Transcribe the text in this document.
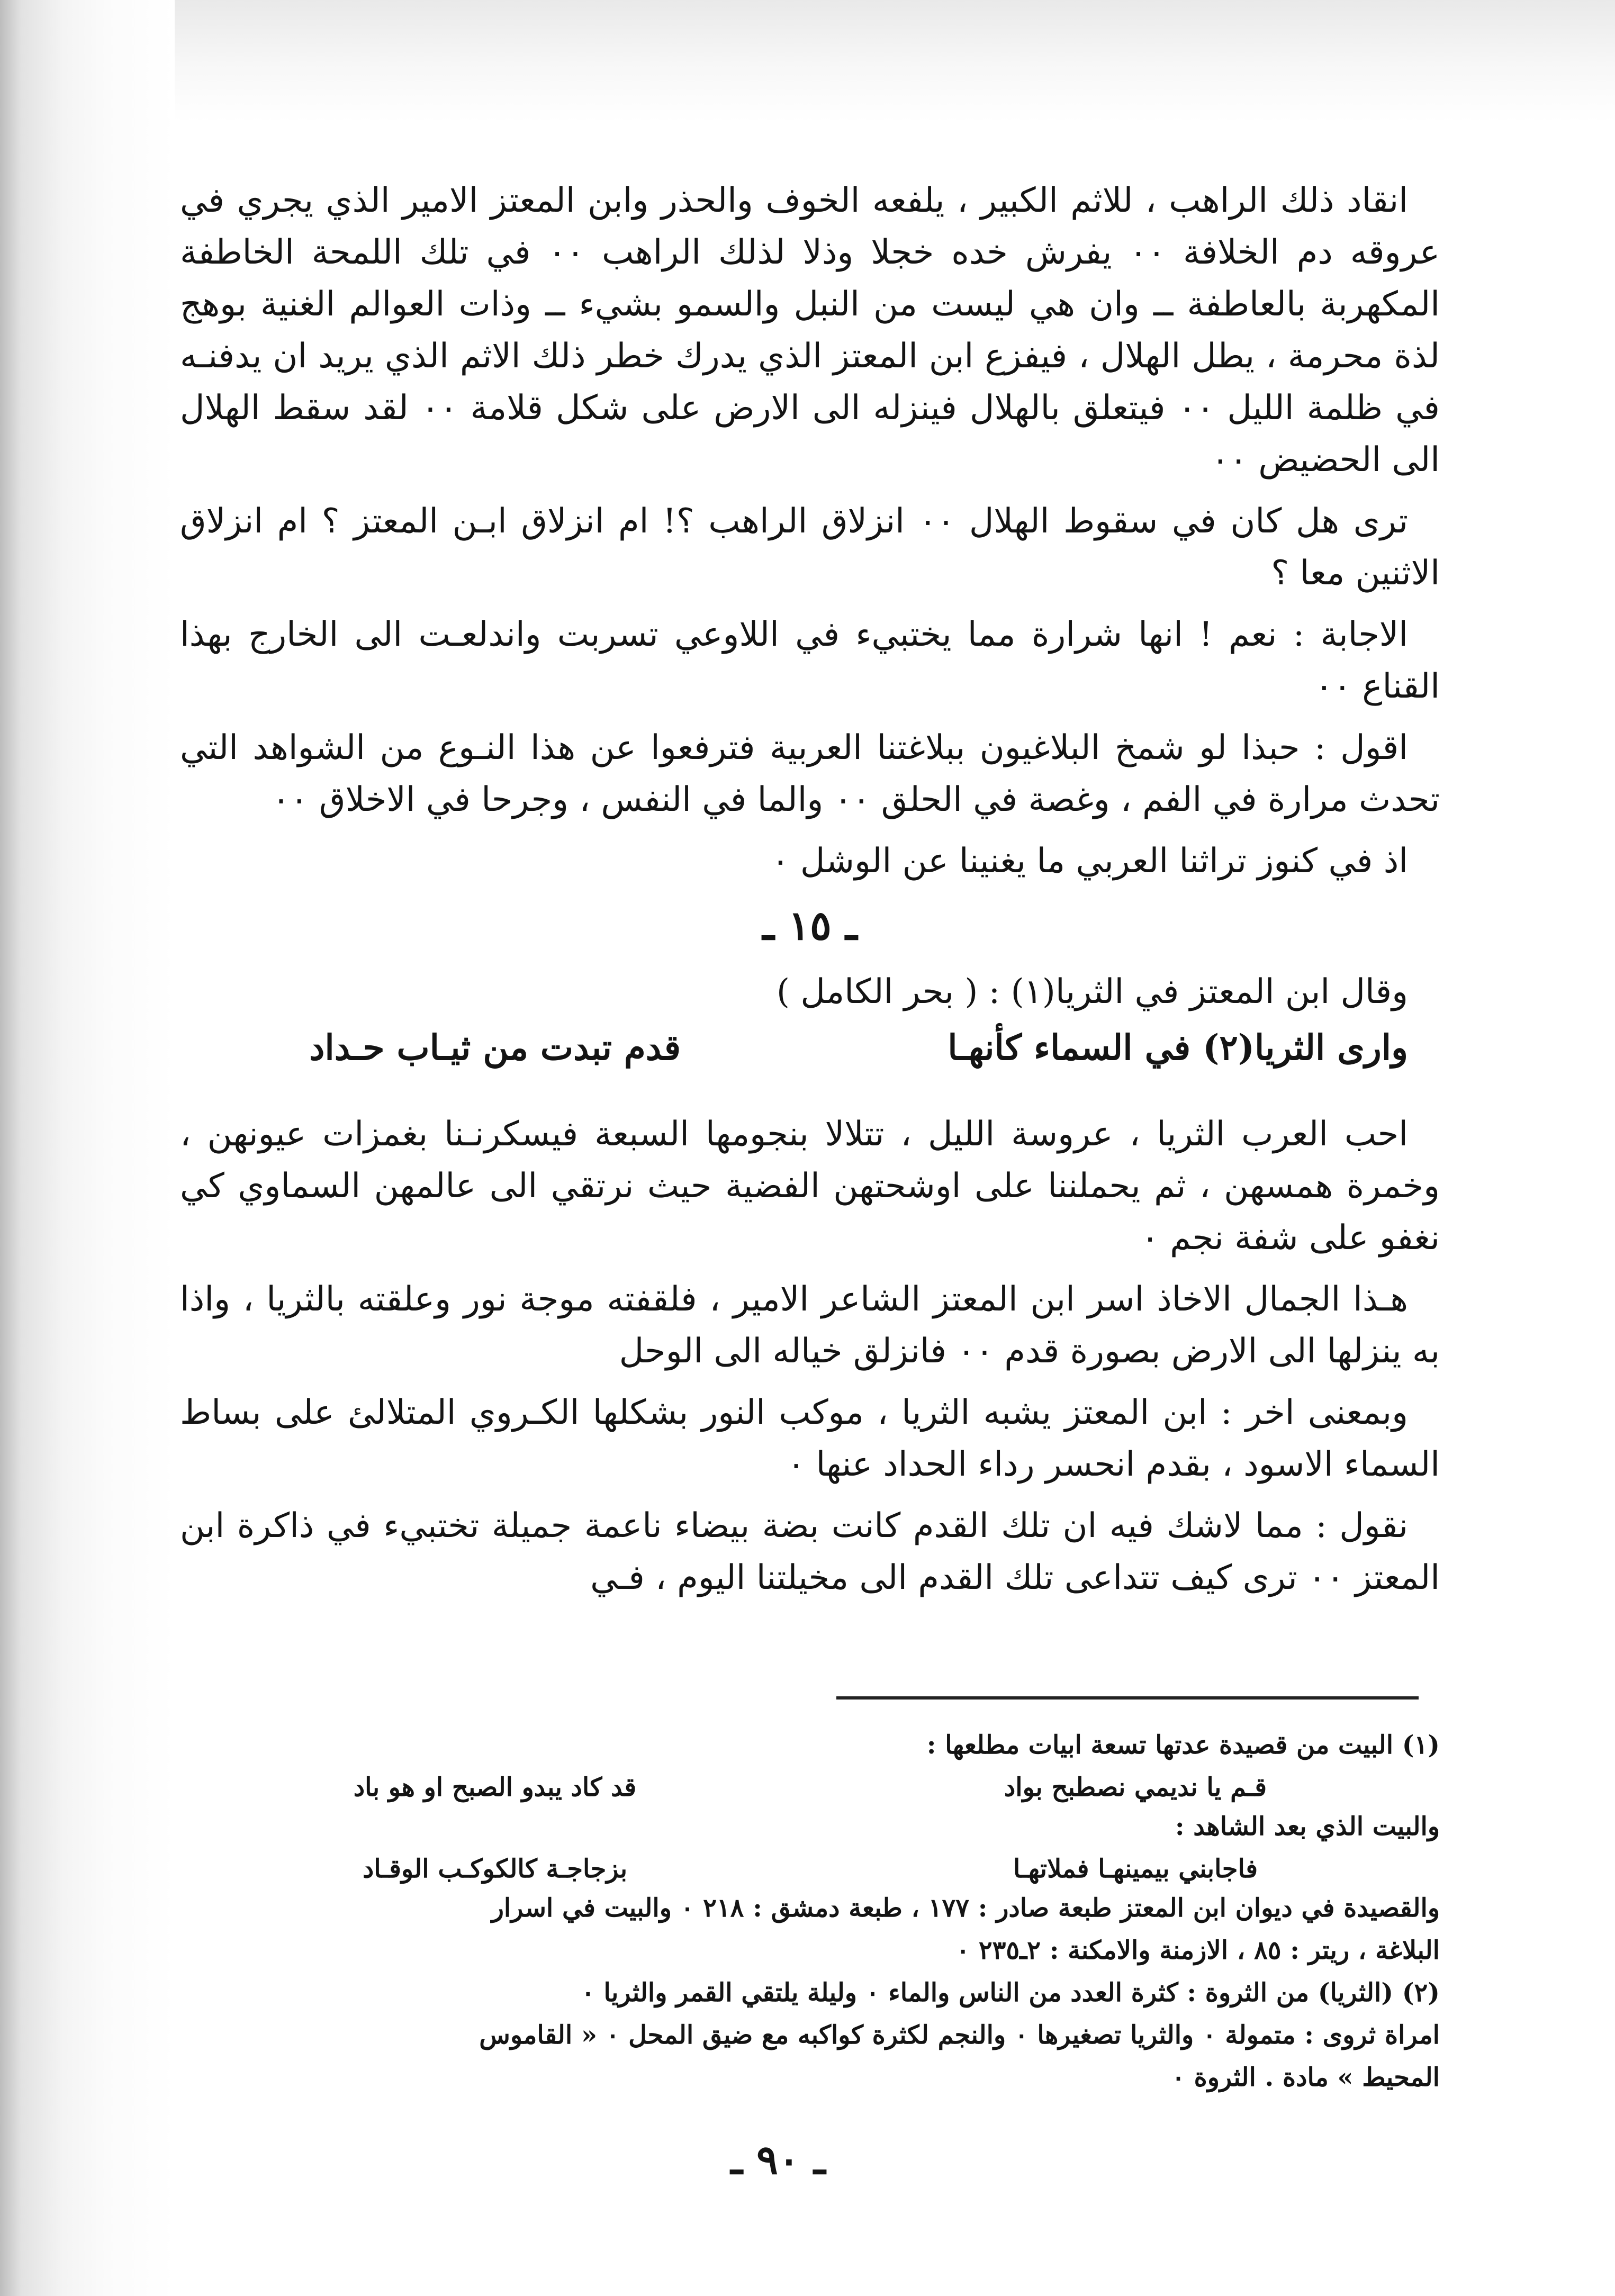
انقاد ذلك الراهب ، للاثم الكبير ، يلفعه الخوف والحذر وابن المعتز الامير الذي يجري في عروقه دم الخلافة ٠٠ يفرش خده خجلا وذلا لذلك الراهب ٠٠ في تلك اللمحة الخاطفة المكهربة بالعاطفة ــ وان هي ليست من النبل والسمو بشيء ــ وذات العوالم الغنية بوهج لذة محرمة ، يطل الهلال ، فيفزع ابن المعتز الذي يدرك خطر ذلك الاثم الذي يريد ان يدفنـه في ظلمة الليل ٠٠ فيتعلق بالهلال فينزله الى الارض على شكل قلامة ٠٠ لقد سقط الهلال الى الحضيض ٠٠

ترى هل كان في سقوط الهلال ٠٠ انزلاق الراهب ؟! ام انزلاق ابـن المعتز ؟ ام انزلاق الاثنين معا ؟

الاجابة : نعم ! انها شرارة مما يختبيء في اللاوعي تسربت واندلعـت الى الخارج بهذا القناع ٠٠

اقول : حبذا لو شمخ البلاغيون ببلاغتنا العربية فترفعوا عن هذا النـوع من الشواهد التي تحدث مرارة في الفم ، وغصة في الحلق ٠٠ والما في النفس ، وجرحا في الاخلاق ٠٠

اذ في كنوز تراثنا العربي ما يغنينا عن الوشل ٠

ـ ١٥ ـ
وقال ابن المعتز في الثريا(١) : ( بحر الكامل )
وارى الثريا(٢) في السماء كأنهـا
قدم تبدت من ثيـاب حـداد

احب العرب الثريا ، عروسة الليل ، تتلالا بنجومها السبعة فيسكرنـنا بغمزات عيونهن ، وخمرة همسهن ، ثم يحملننا على اوشحتهن الفضية حيث نرتقي الى عالمهن السماوي كي نغفو على شفة نجم ٠

هـذا الجمال الاخاذ اسر ابن المعتز الشاعر الامير ، فلقفته موجة نور وعلقته بالثريا ، واذا به ينزلها الى الارض بصورة قدم ٠٠ فانزلق خياله الى الوحل

وبمعنى اخر : ابن المعتز يشبه الثريا ، موكب النور بشكلها الكـروي المتلالئ على بساط السماء الاسود ، بقدم انحسر رداء الحداد عنها ٠

نقول : مما لاشك فيه ان تلك القدم كانت بضة بيضاء ناعمة جميلة تختبيء في ذاكرة ابن المعتز ٠٠ ترى كيف تتداعى تلك القدم الى مخيلتنا اليوم ، فـي

(١) البيت من قصيدة عدتها تسعة ابيات مطلعها :
قـم يا نديمي نصطبح بواد
قد كاد يبدو الصبح او هو باد
والبيت الذي بعد الشاهد :
فاجابني بيمينهـا فملاتهـا
بزجاجـة كالكوكـب الوقـاد
والقصيدة في ديوان ابن المعتز طبعة صادر : ١٧٧ ، طبعة دمشق : ٢١٨ ٠ والبيت في اسرار
البلاغة ، ريتر : ٨٥ ، الازمنة والامكنة : ٢ـ٢٣٥ ٠
(٢) (الثريا) من الثروة : كثرة العدد من الناس والماء ٠ وليلة يلتقي القمر والثريا ٠
امراة ثروى : متمولة ٠ والثريا تصغيرها ٠ والنجم لكثرة كواكبه مع ضيق المحل ٠ « القاموس
المحيط » مادة . الثروة ٠
ـ ٩٠ ـ
